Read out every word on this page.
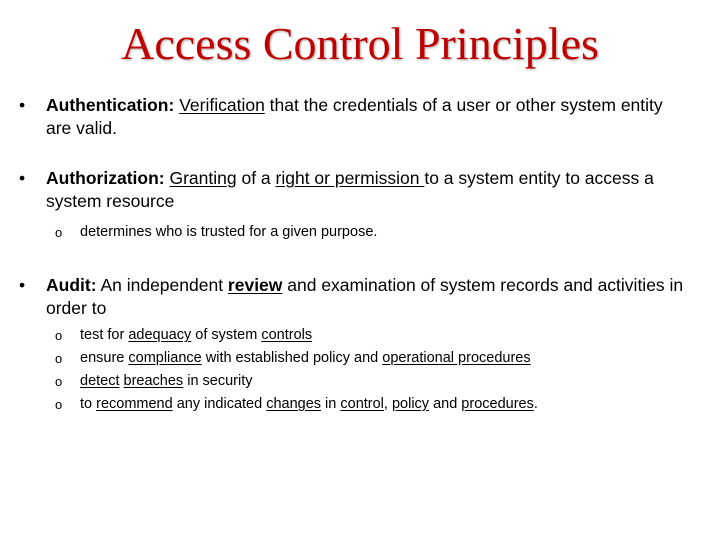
Access Control Principles
• Authentication: Verification that the credentials of a user or other system entity are valid.
• Authorization: Granting of a right or permission to a system entity to access a system resource
o determines who is trusted for a given purpose.
• Audit: An independent review and examination of system records and activities in order to
o test for adequacy of system controls
o ensure compliance with established policy and operational procedures
o detect breaches in security
o to recommend any indicated changes in control, policy and procedures.
